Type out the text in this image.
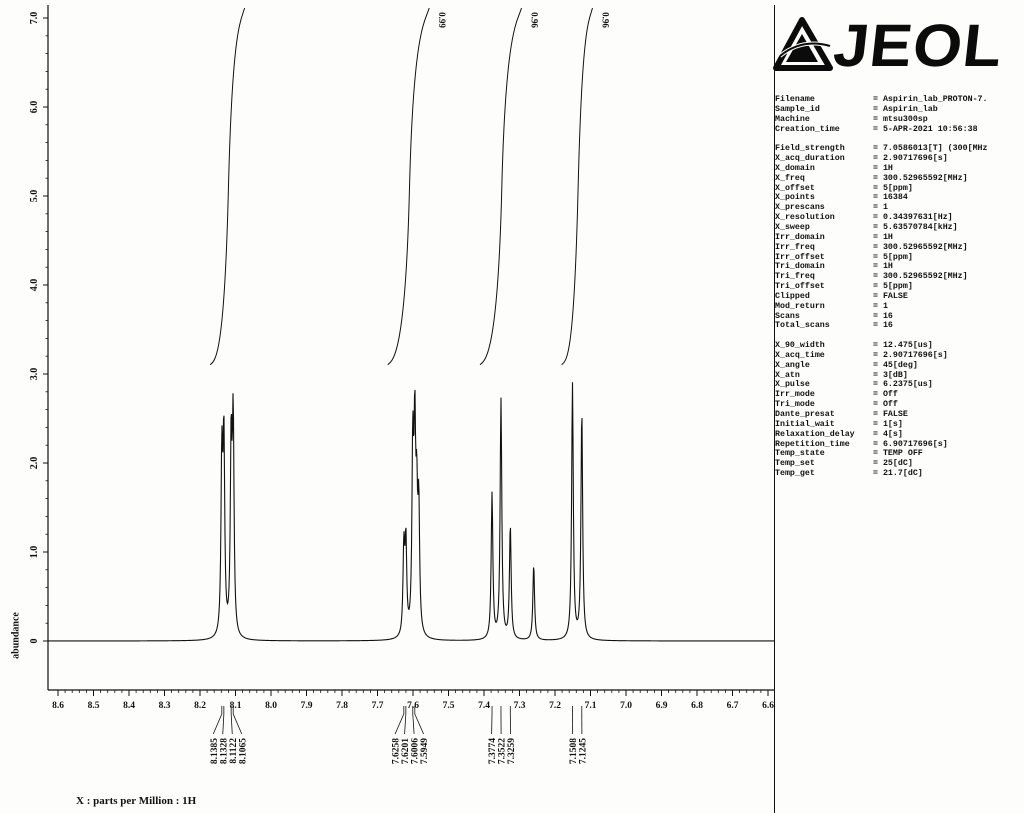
0
1.0
2.0
3.0
4.0
5.0
6.0
7.0
8.6 8.5 8.4 8.3 8.2 8.1 8.0 7.9 7.8 7.7 7.6 7.5 7.4 7.3 7.2 7.1 7.0 6.9 6.8 6.7 6.6
0.99	0.96	0.96
8.1385 8.1328 8.1122 8.1065	7.6258 7.6201 7.6006 7.5949	7.3774 7.3522 7.3259	7.1508 7.1245
abundance
X : parts per Million : 1H
JEOL
Filename	= Aspirin_lab_PROTON-7.
Sample_id	= Aspirin_lab
Machine	= mtsu300sp
Creation_time	= 5-APR-2021 10:56:38
Field_strength	= 7.0586013[T] (300[MHz
X_acq_duration	= 2.90717696[s]
X_domain	= 1H
X_freq	= 300.52965592[MHz]
X_offset	= 5[ppm]
X_points	= 16384
X_prescans	= 1
X_resolution	= 0.34397631[Hz]
X_sweep	= 5.63570784[kHz]
Irr_domain	= 1H
Irr_freq	= 300.52965592[MHz]
Irr_offset	= 5[ppm]
Tri_domain	= 1H
Tri_freq	= 300.52965592[MHz]
Tri_offset	= 5[ppm]
Clipped	= FALSE
Mod_return	= 1
Scans	= 16
Total_scans	= 16
X_90_width	= 12.475[us]
X_acq_time	= 2.90717696[s]
X_angle	= 45[deg]
X_atn	= 3[dB]
X_pulse	= 6.2375[us]
Irr_mode	= Off
Tri_mode	= Off
Dante_presat	= FALSE
Initial_wait	= 1[s]
Relaxation_delay	= 4[s]
Repetition_time	= 6.90717696[s]
Temp_state	= TEMP OFF
Temp_set	= 25[dC]
Temp_get	= 21.7[dC]
